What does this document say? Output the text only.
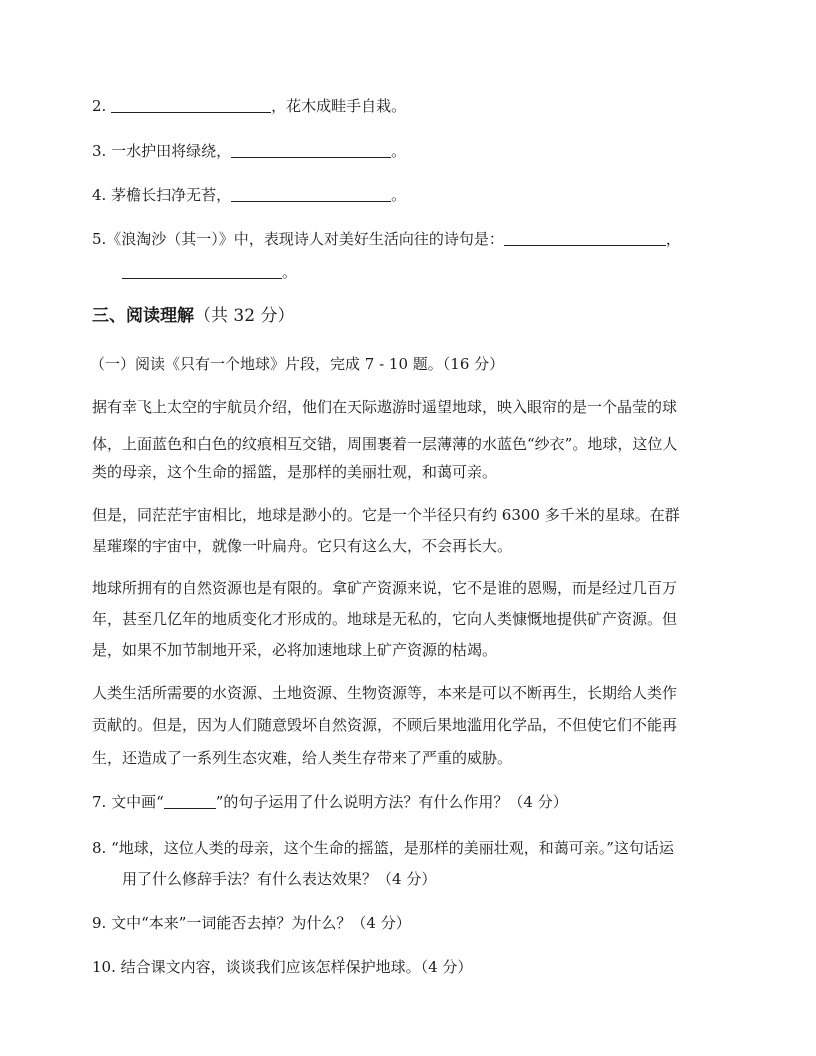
2.	，花木成畦手自栽。
3. 一水护田将绿绕，	。
4. 茅檐长扫净无苔，	。
5.《浪淘沙（其一）》中，表现诗人对美好生活向往的诗句是：	，
。
三、阅读理解（共 32 分）
（一）阅读《只有一个地球》片段，完成 7 - 10 题。（16 分）
据有幸飞上太空的宇航员介绍，他们在天际遨游时遥望地球，映入眼帘的是一个晶莹的球
体，上面蓝色和白色的纹痕相互交错，周围裹着一层薄薄的水蓝色“纱衣”。地球，这位人
类的母亲，这个生命的摇篮，是那样的美丽壮观，和蔼可亲。
但是，同茫茫宇宙相比，地球是渺小的。它是一个半径只有约 6300 多千米的星球。在群
星璀璨的宇宙中，就像一叶扁舟。它只有这么大，不会再长大。
地球所拥有的自然资源也是有限的。拿矿产资源来说，它不是谁的恩赐，而是经过几百万
年，甚至几亿年的地质变化才形成的。地球是无私的，它向人类慷慨地提供矿产资源。但
是，如果不加节制地开采，必将加速地球上矿产资源的枯竭。
人类生活所需要的水资源、土地资源、生物资源等，本来是可以不断再生，长期给人类作
贡献的。但是，因为人们随意毁坏自然资源，不顾后果地滥用化学品，不但使它们不能再
生，还造成了一系列生态灾难，给人类生存带来了严重的威胁。
7. 文中画“	”的句子运用了什么说明方法？有什么作用？（4 分）
8. “地球，这位人类的母亲，这个生命的摇篮，是那样的美丽壮观，和蔼可亲。”这句话运
用了什么修辞手法？有什么表达效果？（4 分）
9. 文中“本来”一词能否去掉？为什么？（4 分）
10. 结合课文内容，谈谈我们应该怎样保护地球。（4 分）
